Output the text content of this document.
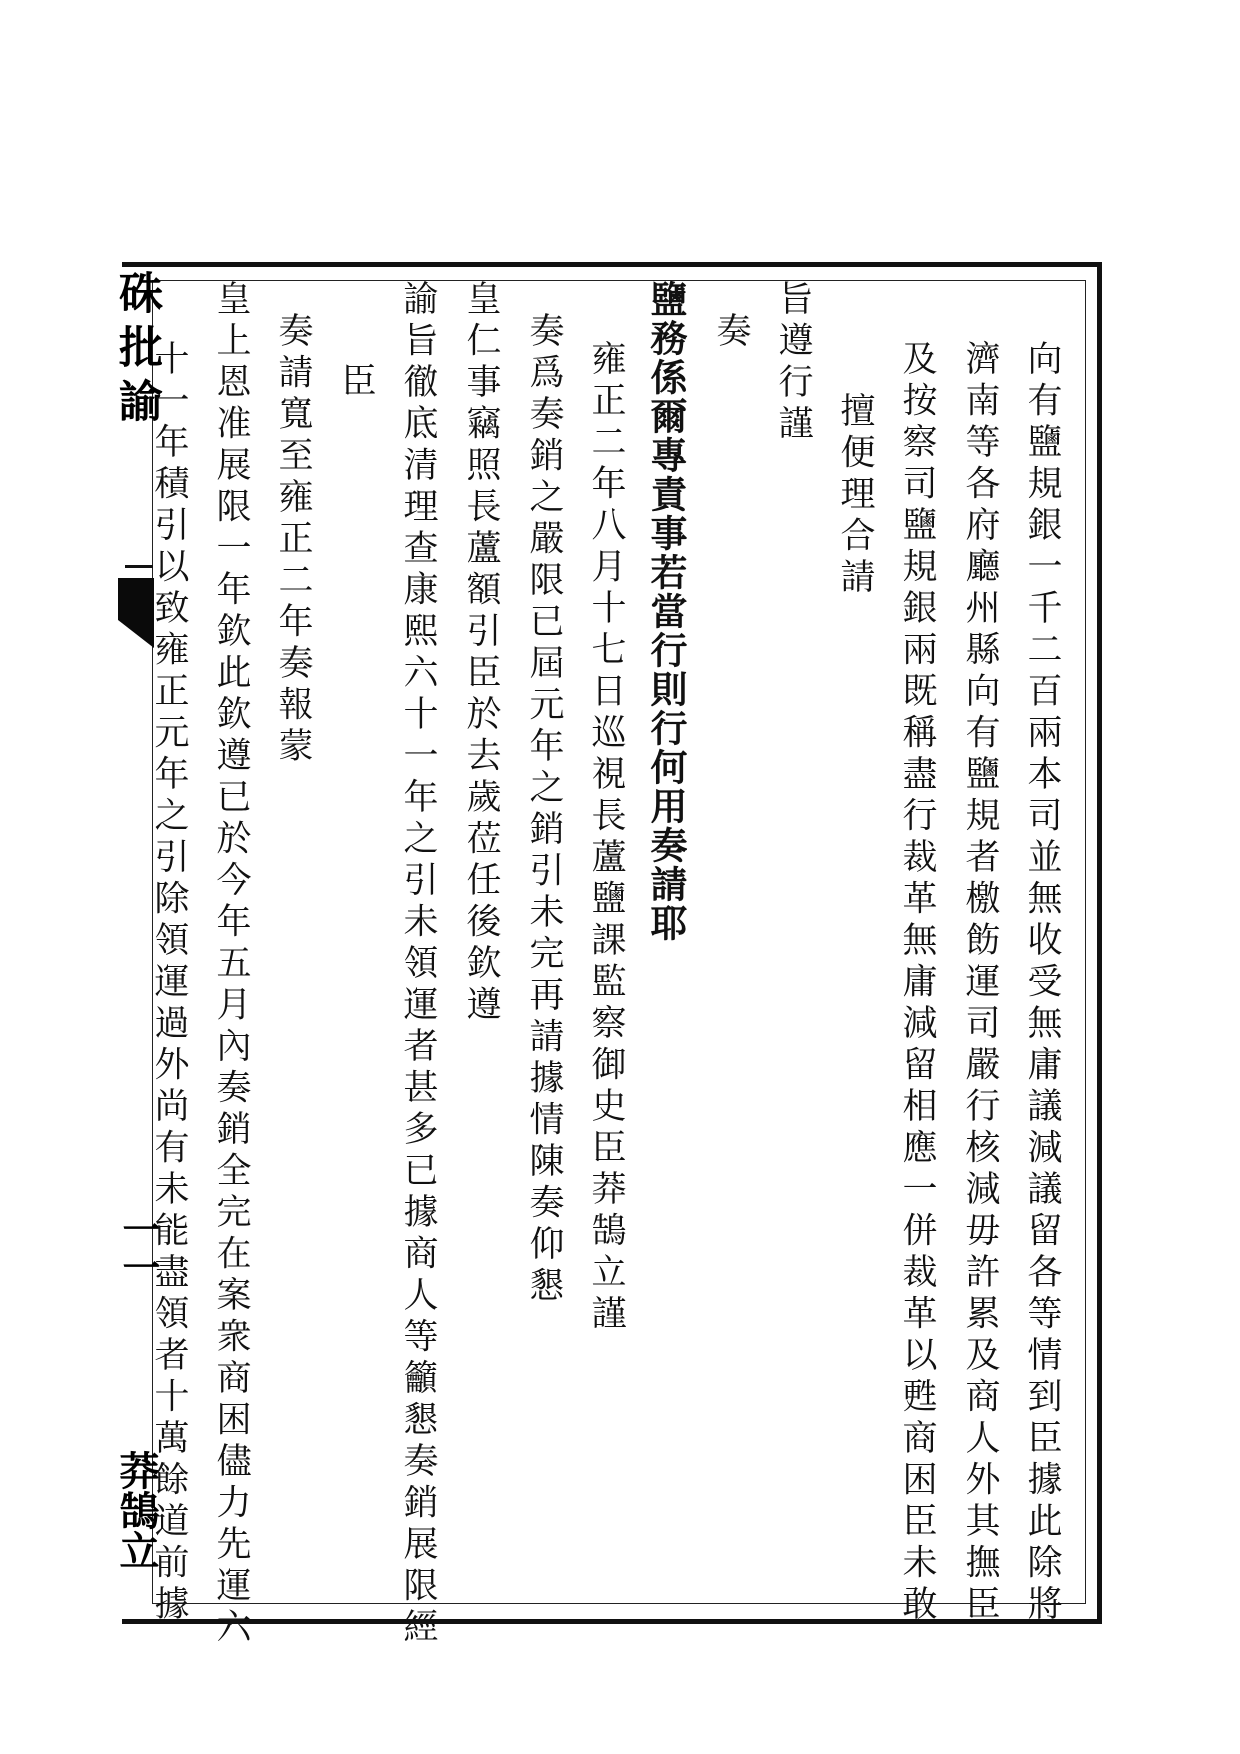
硃批諭
一一
莽鵠立	向有鹽規銀一千二百兩本司並無收受無庸議減議留各等情到臣據此除將
濟南等各府廳州縣向有鹽規者檄飭運司嚴行核減毋許累及商人外其撫臣
及按察司鹽規銀兩既稱盡行裁革無庸減留相應一併裁革以甦商困臣未敢
擅便理合請
旨遵行謹
奏
鹽務係爾專責事若當行則行何用奏請耶
雍正二年八月十七日巡視長蘆鹽課監察御史臣莽鵠立謹
奏爲奏銷之嚴限已屆元年之銷引未完再請據情陳奏仰懇
皇仁事竊照長蘆額引臣於去歲莅任後欽遵
諭旨徹底清理查康熙六十一年之引未領運者甚多已據商人等籲懇奏銷展限經
臣
奏請寬至雍正二年奏報蒙
皇上恩准展限一年欽此欽遵已於今年五月內奏銷全完在案衆商困儘力先運六
十一年積引以致雍正元年之引除領運過外尚有未能盡領者十萬餘道前據
